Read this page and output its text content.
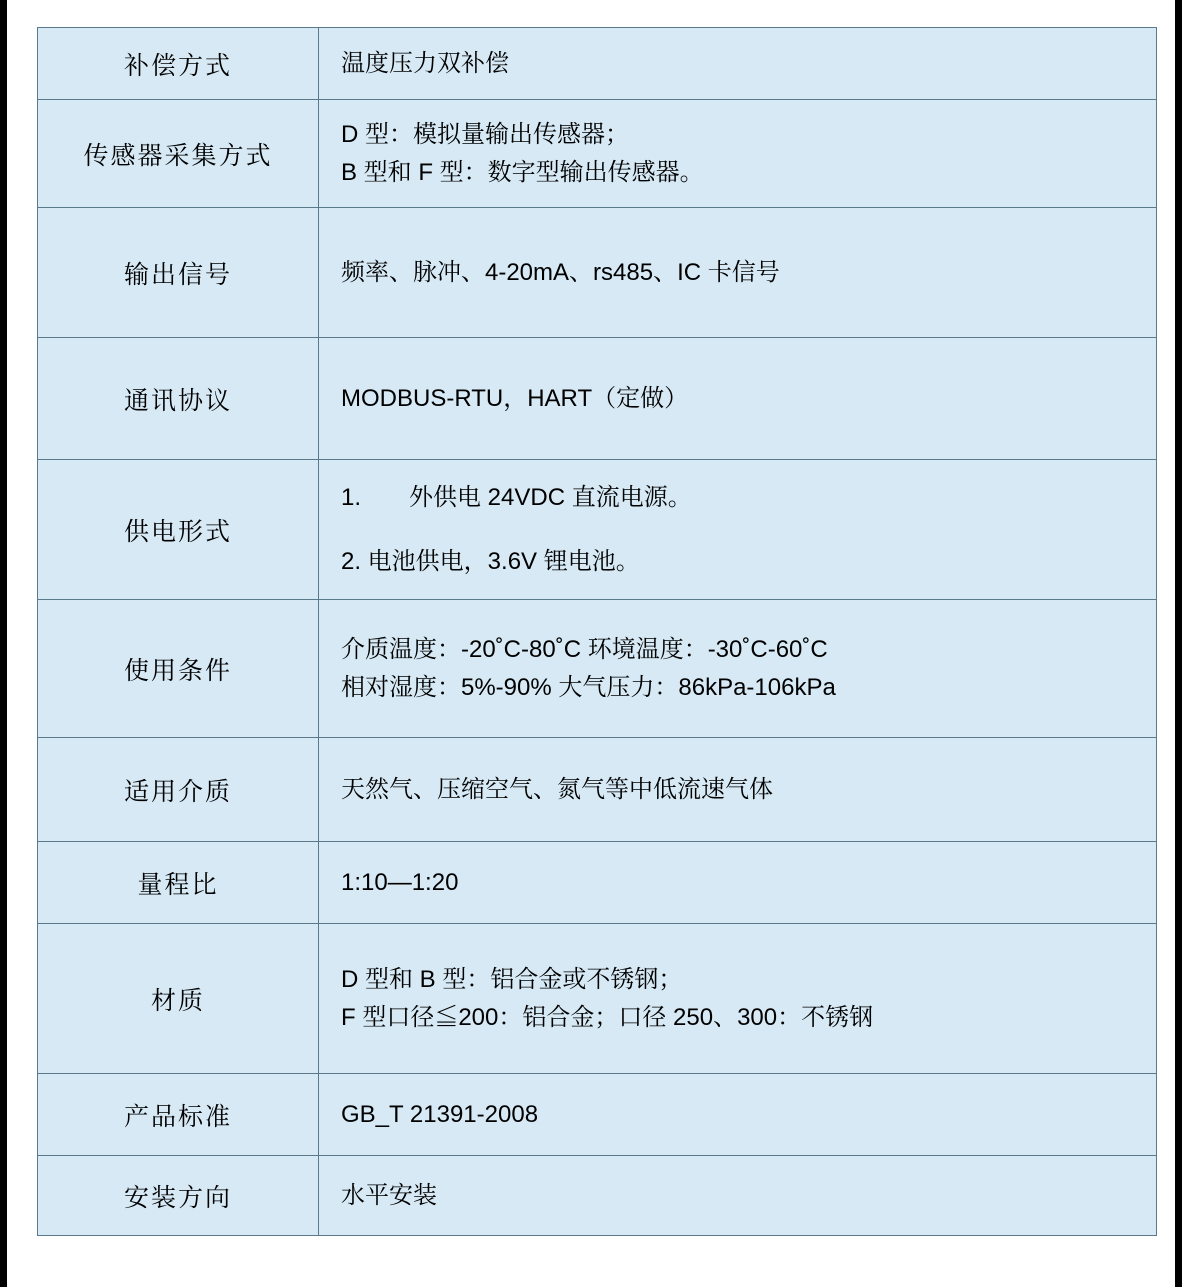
补偿方式	温度压力双补偿

传感器采集方式	D 型：模拟量输出传感器；
B 型和 F 型：数字型输出传感器。

输出信号	频率、脉冲、4-20mA、rs485、IC 卡信号

通讯协议	MODBUS-RTU，HART（定做）

供电形式	1.　　外供电 24VDC 直流电源。
2. 电池供电，3.6V 锂电池。

使用条件	介质温度：-20˚C-80˚C 环境温度：-30˚C-60˚C
相对湿度：5%-90% 大气压力：86kPa-106kPa

适用介质	天然气、压缩空气、氮气等中低流速气体

量程比	1:10—1:20

材质	D 型和 B 型：铝合金或不锈钢；
F 型口径≦200：铝合金；口径 250、300：不锈钢

产品标准	GB_T 21391-2008

安装方向	水平安装
